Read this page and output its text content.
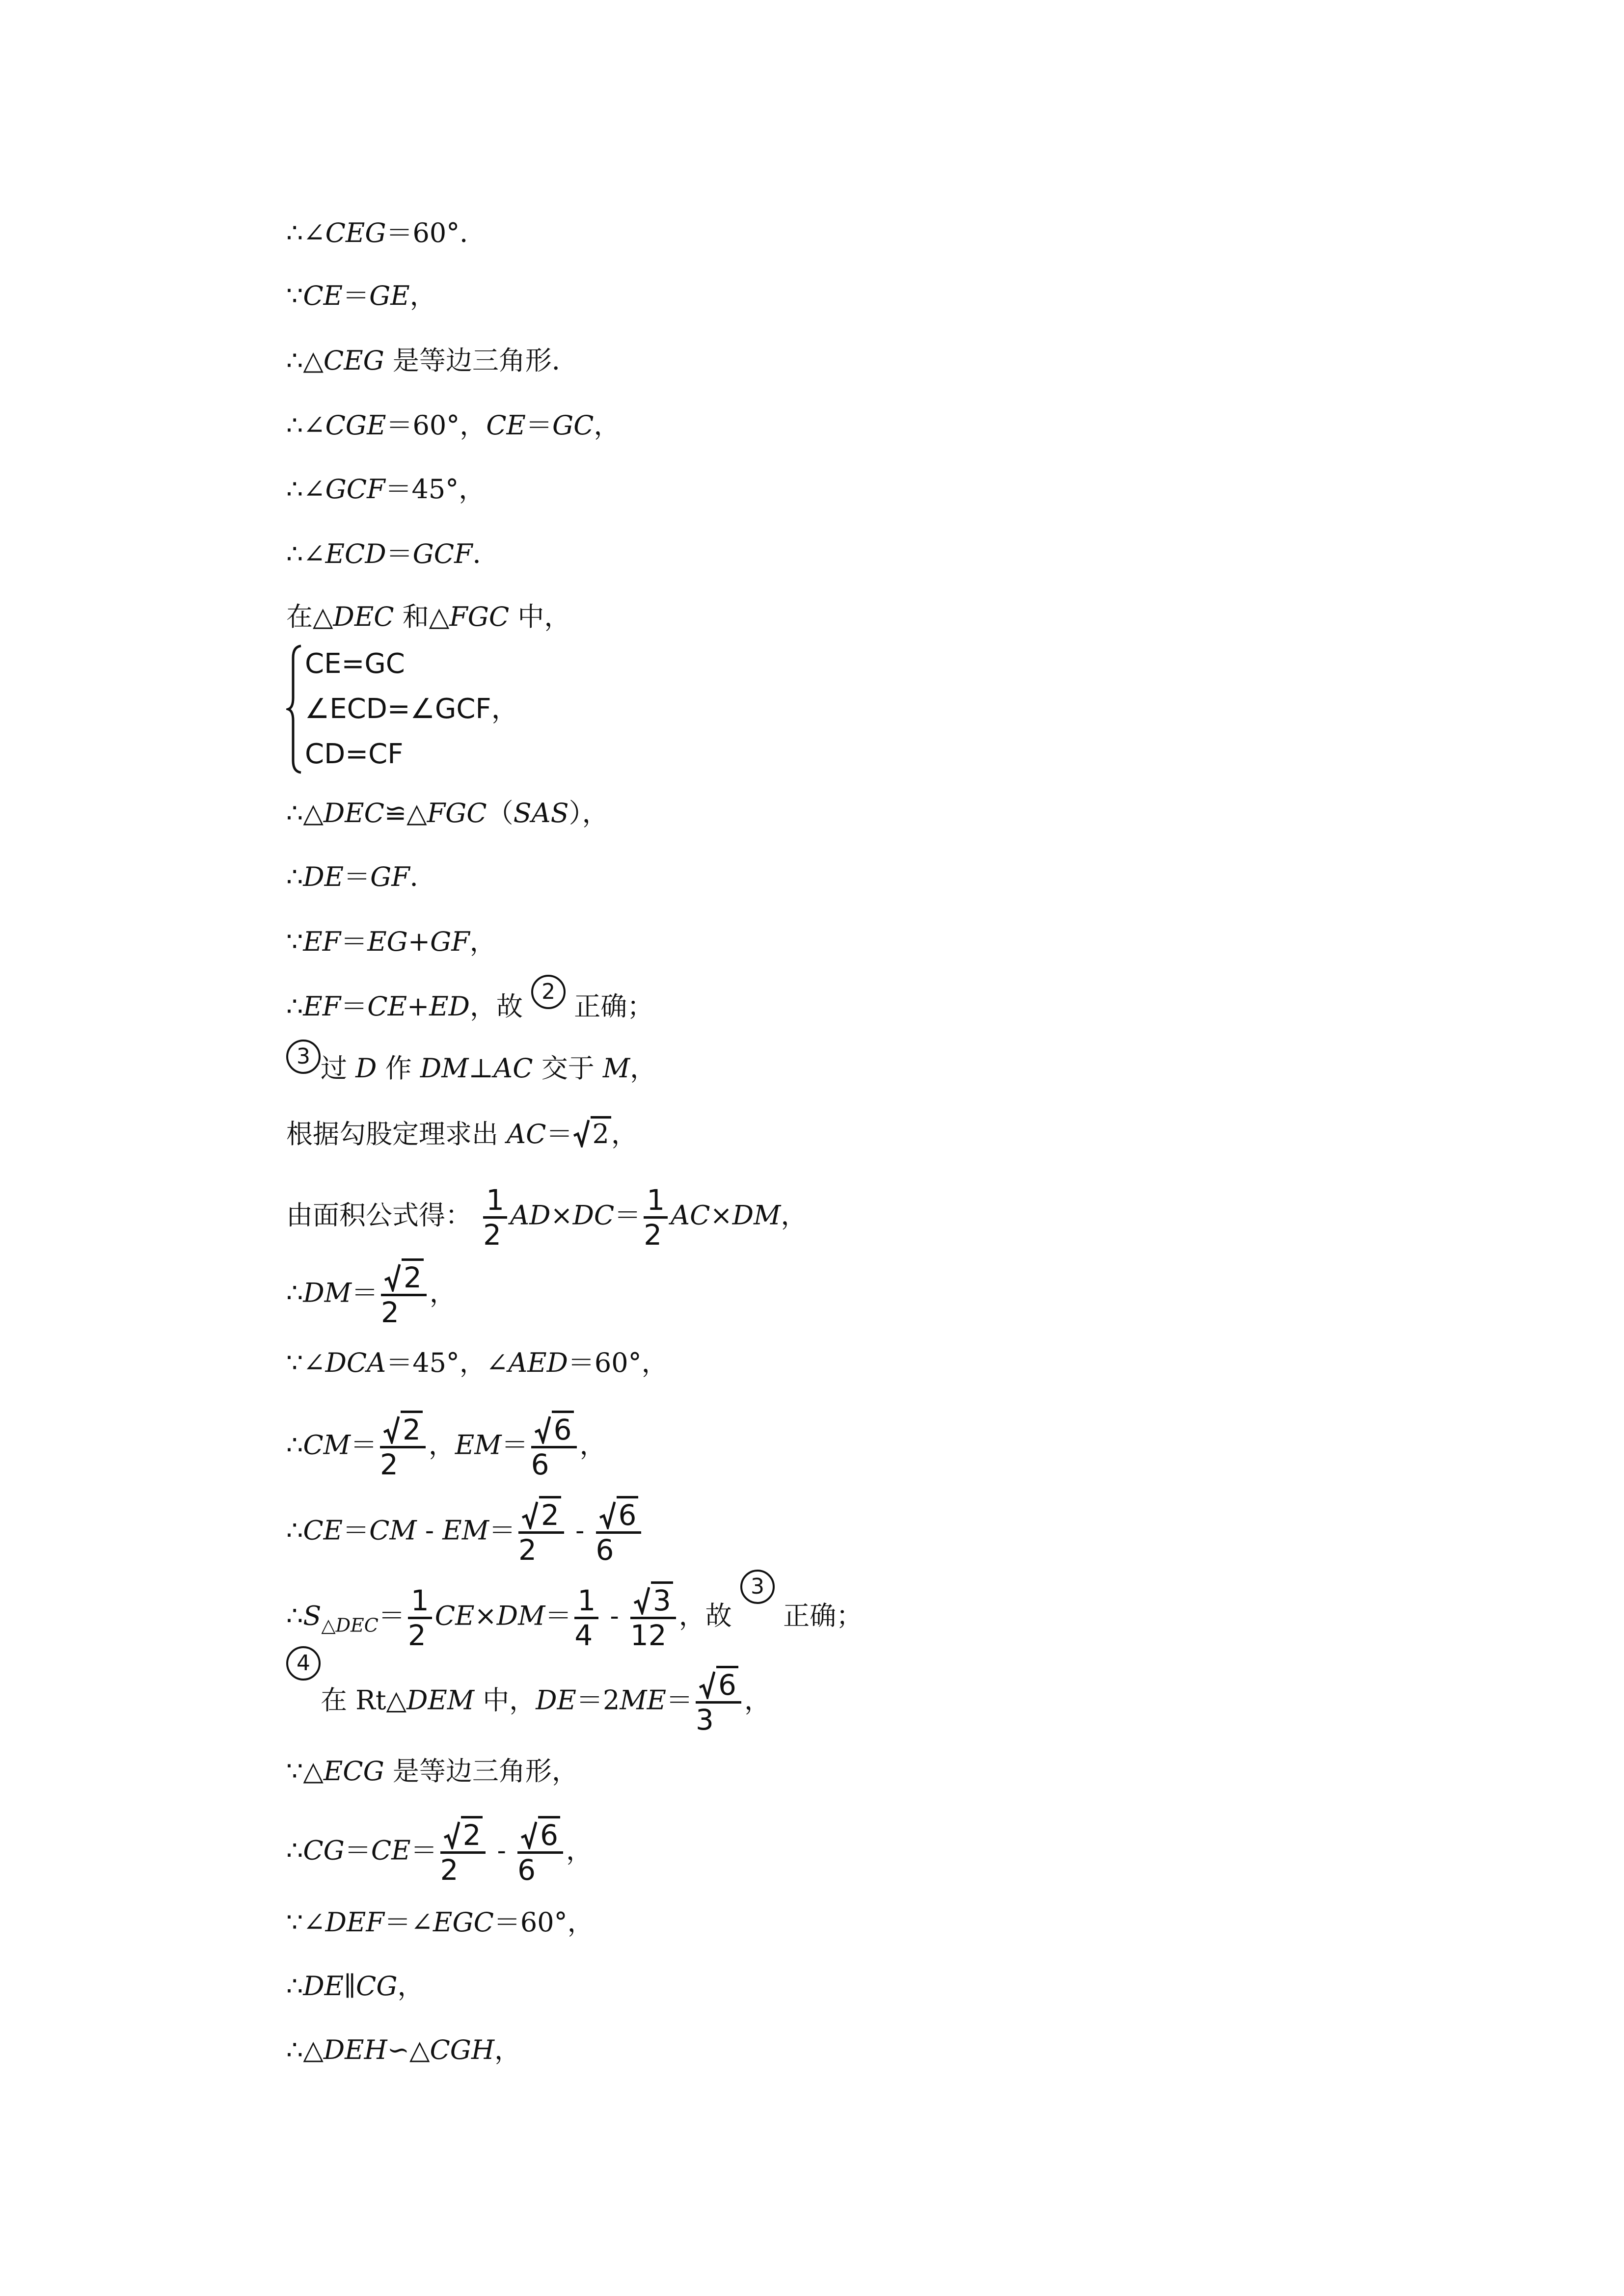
∴∠CEG＝60°．
∵CE＝GE，
∴△CEG 是等边三角形．
∴∠CGE＝60°，CE＝GC，
∴∠GCF＝45°，
∴∠ECD＝GCF．
在△DEC 和△FGC 中，
CE=GC
∠ECD=∠GCF，
CD=CF
∴△DEC≌△FGC（SAS），
∴DE＝GF．
∵EF＝EG+GF，
∴EF＝CE+ED，故 2 正确；
3 过 D 作 DM⊥AC 交于 M，
根据勾股定理求出 AC＝ 2，
由面积公式得： $\frac{1}{2} AD\times DC= \frac{1}{2} AC\times DM$，
∴DM＝ $\frac{2}{2}$ ，
∵∠DCA＝45°，∠AED＝60°，
∴CM＝ $\frac{2}{2}$ ，$EM= \frac{6}{6}$ ，
∴CE＝CM - $EM= \frac{2}{2} - \frac{6}{6}$
$\therefore S_{\triangle DEC}= \frac{1}{2} CE\times DM= \frac{1}{4} - \frac{3}{12}$ ，故 3 正确；
4在 Rt△DEM 中，$DE=2ME= \frac{6}{3}$ ，
∵△ECG 是等边三角形，
∴CG＝CE＝ $\frac{2}{2} - \frac{6}{6}$ ，
∵∠DEF＝∠EGC＝60°，
∴DE∥CG，
∴△DEH∽△CGH，
